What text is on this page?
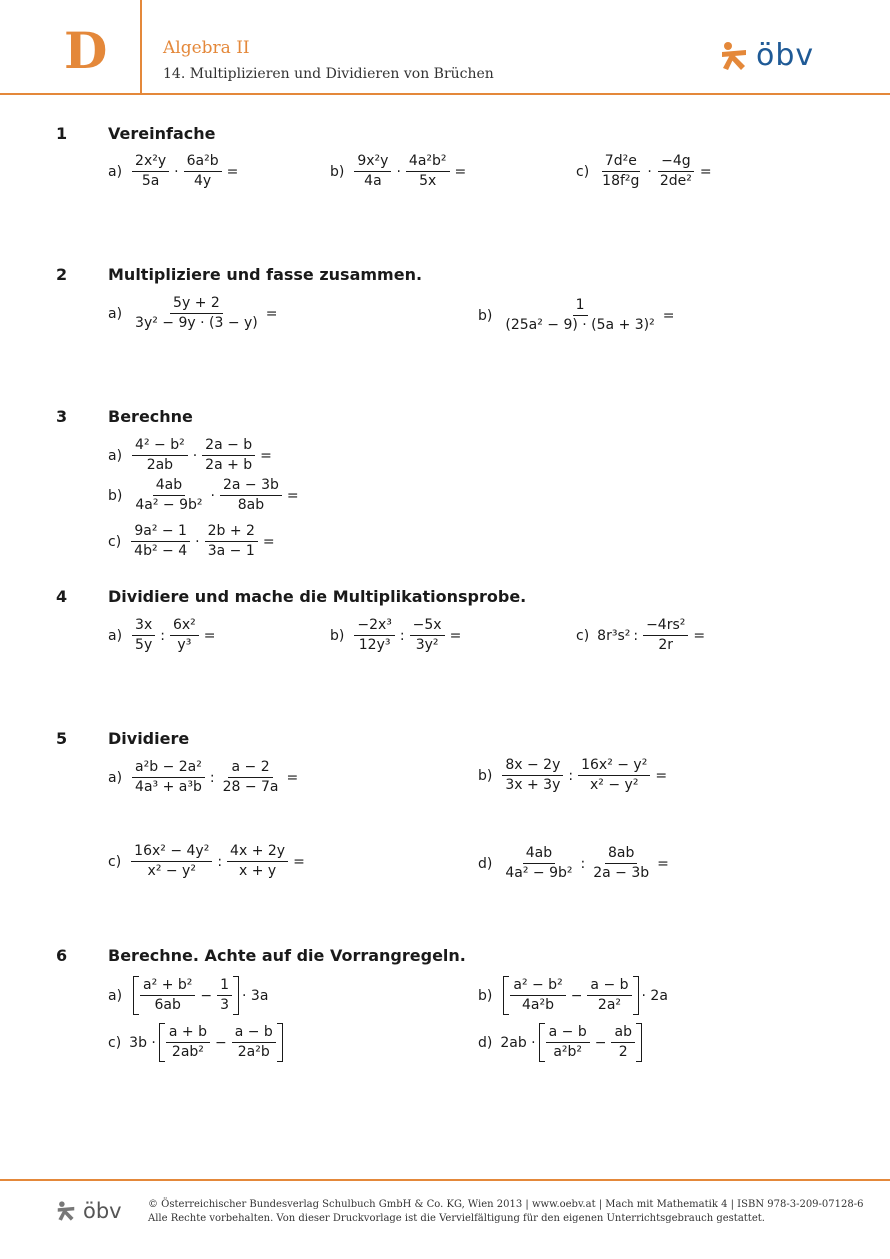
D	Algebra II
14. Multiplizieren und Dividieren von Brüchen
öbv
1	Vereinfache
a)
2x²y
5a
· $\frac{\text{6a²b}}{4y}$ =	b)
9x²y
4a
· $\frac{\text{4a²b²}}{5x}$ =	c)
7d²e
18f²g
· $\frac{-4g}{\text{2de²}}$ =
2	Multipliziere und fasse zusammen.
$a) \frac{5y + 2}{\text{3y² − 9y · (3 − y)}}$ =	$b) \frac{1}{\text{(25a² − 9) · (5a + 3)²}}$ =
3	Berechne
a)
4² − b²
2ab
· $\frac{2a - b}{2a + b}$ =
b)
4ab
4a² − 9b²
· $\frac{2a - 3b}{8ab}$ =
c)
9a² − 1
4b² − 4
· $\frac{2b + 2}{3a - 1}$ =
4	Dividiere und mache die Multiplikationsprobe.
a)
3x
5y
: $\frac{\text{6x²}}{\text{y³}}$ =	b)
−2x³
12y³
: $\frac{-5x}{\text{3y²}}$ =	c) 8r³s² : $\frac{\text{−4rs²}}{2r}$ =
5	Dividiere
a)
a²b − 2a²
4a³ + a³b
: $\frac{a - 2}{28 - 7a}$ =	b)
8x − 2y
3x + 3y
: $\frac{\text{16x² − y²}}{\text{x² − y²}}$ =
c)
16x² − 4y²
x² − y²
: $\frac{4x + 2y}{x + y}$ =	d)
4ab
4a² − 9b²
: $\frac{8ab}{2a - 3b}$ =
6	Berechne. Achte auf die Vorrangregeln.
a)
a² + b²
6ab
− $\frac{1}{3} \cdot 3a$	b)
a² − b²
4a²b
− $\frac{a - b}{\text{2a²}} \cdot 2a$
c) 3b ·
a + b
2ab²
− $\frac{a - b}{\text{2a²b}}$	d) 2ab ·
a − b
a²b²
− $\frac{ab}{2}$
öbv	© Österreichischer Bundesverlag Schulbuch GmbH & Co. KG, Wien 2013 | www.oebv.at | Mach mit Mathematik 4 | ISBN 978-3-209-07128-6
Alle Rechte vorbehalten. Von dieser Druckvorlage ist die Vervielfältigung für den eigenen Unterrichtsgebrauch gestattet.
